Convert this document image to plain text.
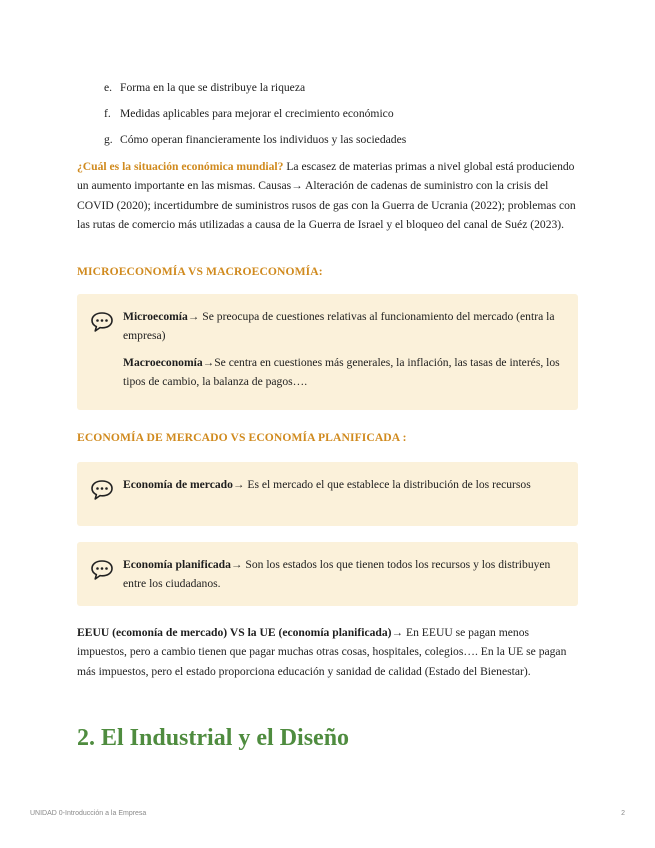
e. Forma en la que se distribuye la riqueza
f. Medidas aplicables para mejorar el crecimiento económico
g. Cómo operan financieramente los individuos y las sociedades
¿Cuál es la situación económica mundial? La escasez de materias primas a nivel global está produciendo un aumento importante en las mismas. Causas→ Alteración de cadenas de suministro con la crisis del COVID (2020); incertidumbre de suministros rusos de gas con la Guerra de Ucrania (2022); problemas con las rutas de comercio más utilizadas a causa de la Guerra de Israel y el bloqueo del canal de Suéz (2023).
MICROECONOMÍA VS MACROECONOMÍA:

Microecomía→ Se preocupa de cuestiones relativas al funcionamiento del mercado (entra la empresa)

Macroeconomía→Se centra en cuestiones más generales, la inflación, las tasas de interés, los tipos de cambio, la balanza de pagos….

ECONOMÍA DE MERCADO VS ECONOMÍA PLANIFICADA :

Economía de mercado→ Es el mercado el que establece la distribución de los recursos

Economía planificada→ Son los estados los que tienen todos los recursos y los distribuyen entre los ciudadanos.

EEUU (ecomonía de mercado) VS la UE (economía planificada)→ En EEUU se pagan menos impuestos, pero a cambio tienen que pagar muchas otras cosas, hospitales, colegios…. En la UE se pagan más impuestos, pero el estado proporciona educación y sanidad de calidad (Estado del Bienestar).
2. El Industrial y el Diseño
UNIDAD 0-Introducción a la Empresa	2
